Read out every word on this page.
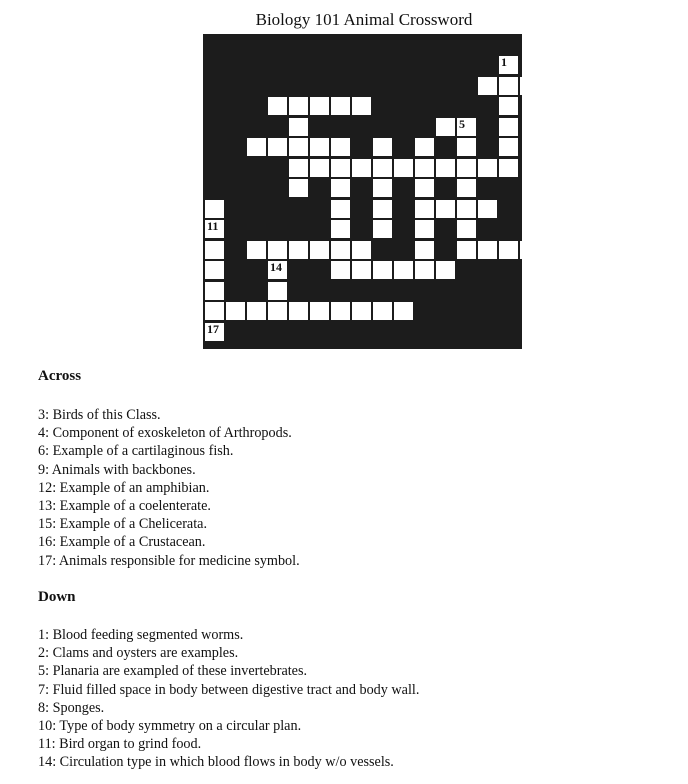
Biology 101 Animal Crossword
1
5
11
14
17
Across
3: Birds of this Class.
4: Component of exoskeleton of Arthropods.
6: Example of a cartilaginous fish.
9: Animals with backbones.
12: Example of an amphibian.
13: Example of a coelenterate.
15: Example of a Chelicerata.
16: Example of a Crustacean.
17: Animals responsible for medicine symbol.
Down
1: Blood feeding segmented worms.
2: Clams and oysters are examples.
5: Planaria are exampled of these invertebrates.
7: Fluid filled space in body between digestive tract and body wall.
8: Sponges.
10: Type of body symmetry on a circular plan.
11: Bird organ to grind food.
14: Circulation type in which blood flows in body w/o vessels.
